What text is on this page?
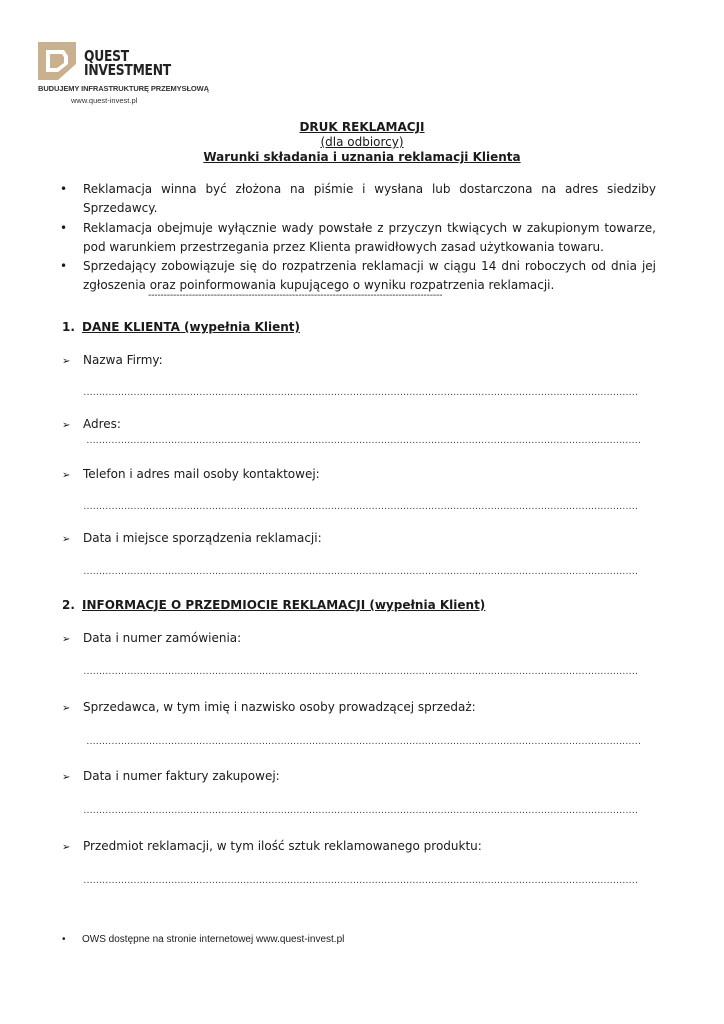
QUEST
INVESTMENT
BUDUJEMY INFRASTRUKTURĘ PRZEMYSŁOWĄ
www.quest-invest.pl
DRUK REKLAMACJI
(dla odbiorcy)
Warunki składania i uznania reklamacji Klienta
• Reklamacja winna być złożona na piśmie i wysłana lub dostarczona na adres siedziby Sprzedawcy.
• Reklamacja obejmuje wyłącznie wady powstałe z przyczyn tkwiących w zakupionym towarze, pod warunkiem przestrzegania przez Klienta prawidłowych zasad użytkowania towaru.
• Sprzedający zobowiązuje się do rozpatrzenia reklamacji w ciągu 14 dni roboczych od dnia jej zgłoszenia oraz poinformowania kupującego o wyniku rozpatrzenia reklamacji.
----------------------------------------------------------------------------------------------
1. DANE KLIENTA (wypełnia Klient)
➢ Nazwa Firmy:
……………………………………………………………………………………………………………………………………………………………
➢ Adres:
……………………………………………………………………………………………………………………………………………………………
➢ Telefon i adres mail osoby kontaktowej:
……………………………………………………………………………………………………………………………………………………………
➢ Data i miejsce sporządzenia reklamacji:
……………………………………………………………………………………………………………………………………………………………
2. INFORMACJE O PRZEDMIOCIE REKLAMACJI (wypełnia Klient)
➢ Data i numer zamówienia:
……………………………………………………………………………………………………………………………………………………………
➢ Sprzedawca, w tym imię i nazwisko osoby prowadzącej sprzedaż:
……………………………………………………………………………………………………………………………………………………………
➢ Data i numer faktury zakupowej:
……………………………………………………………………………………………………………………………………………………………
➢ Przedmiot reklamacji, w tym ilość sztuk reklamowanego produktu:
……………………………………………………………………………………………………………………………………………………………
• OWS dostępne na stronie internetowej www.quest-invest.pl
